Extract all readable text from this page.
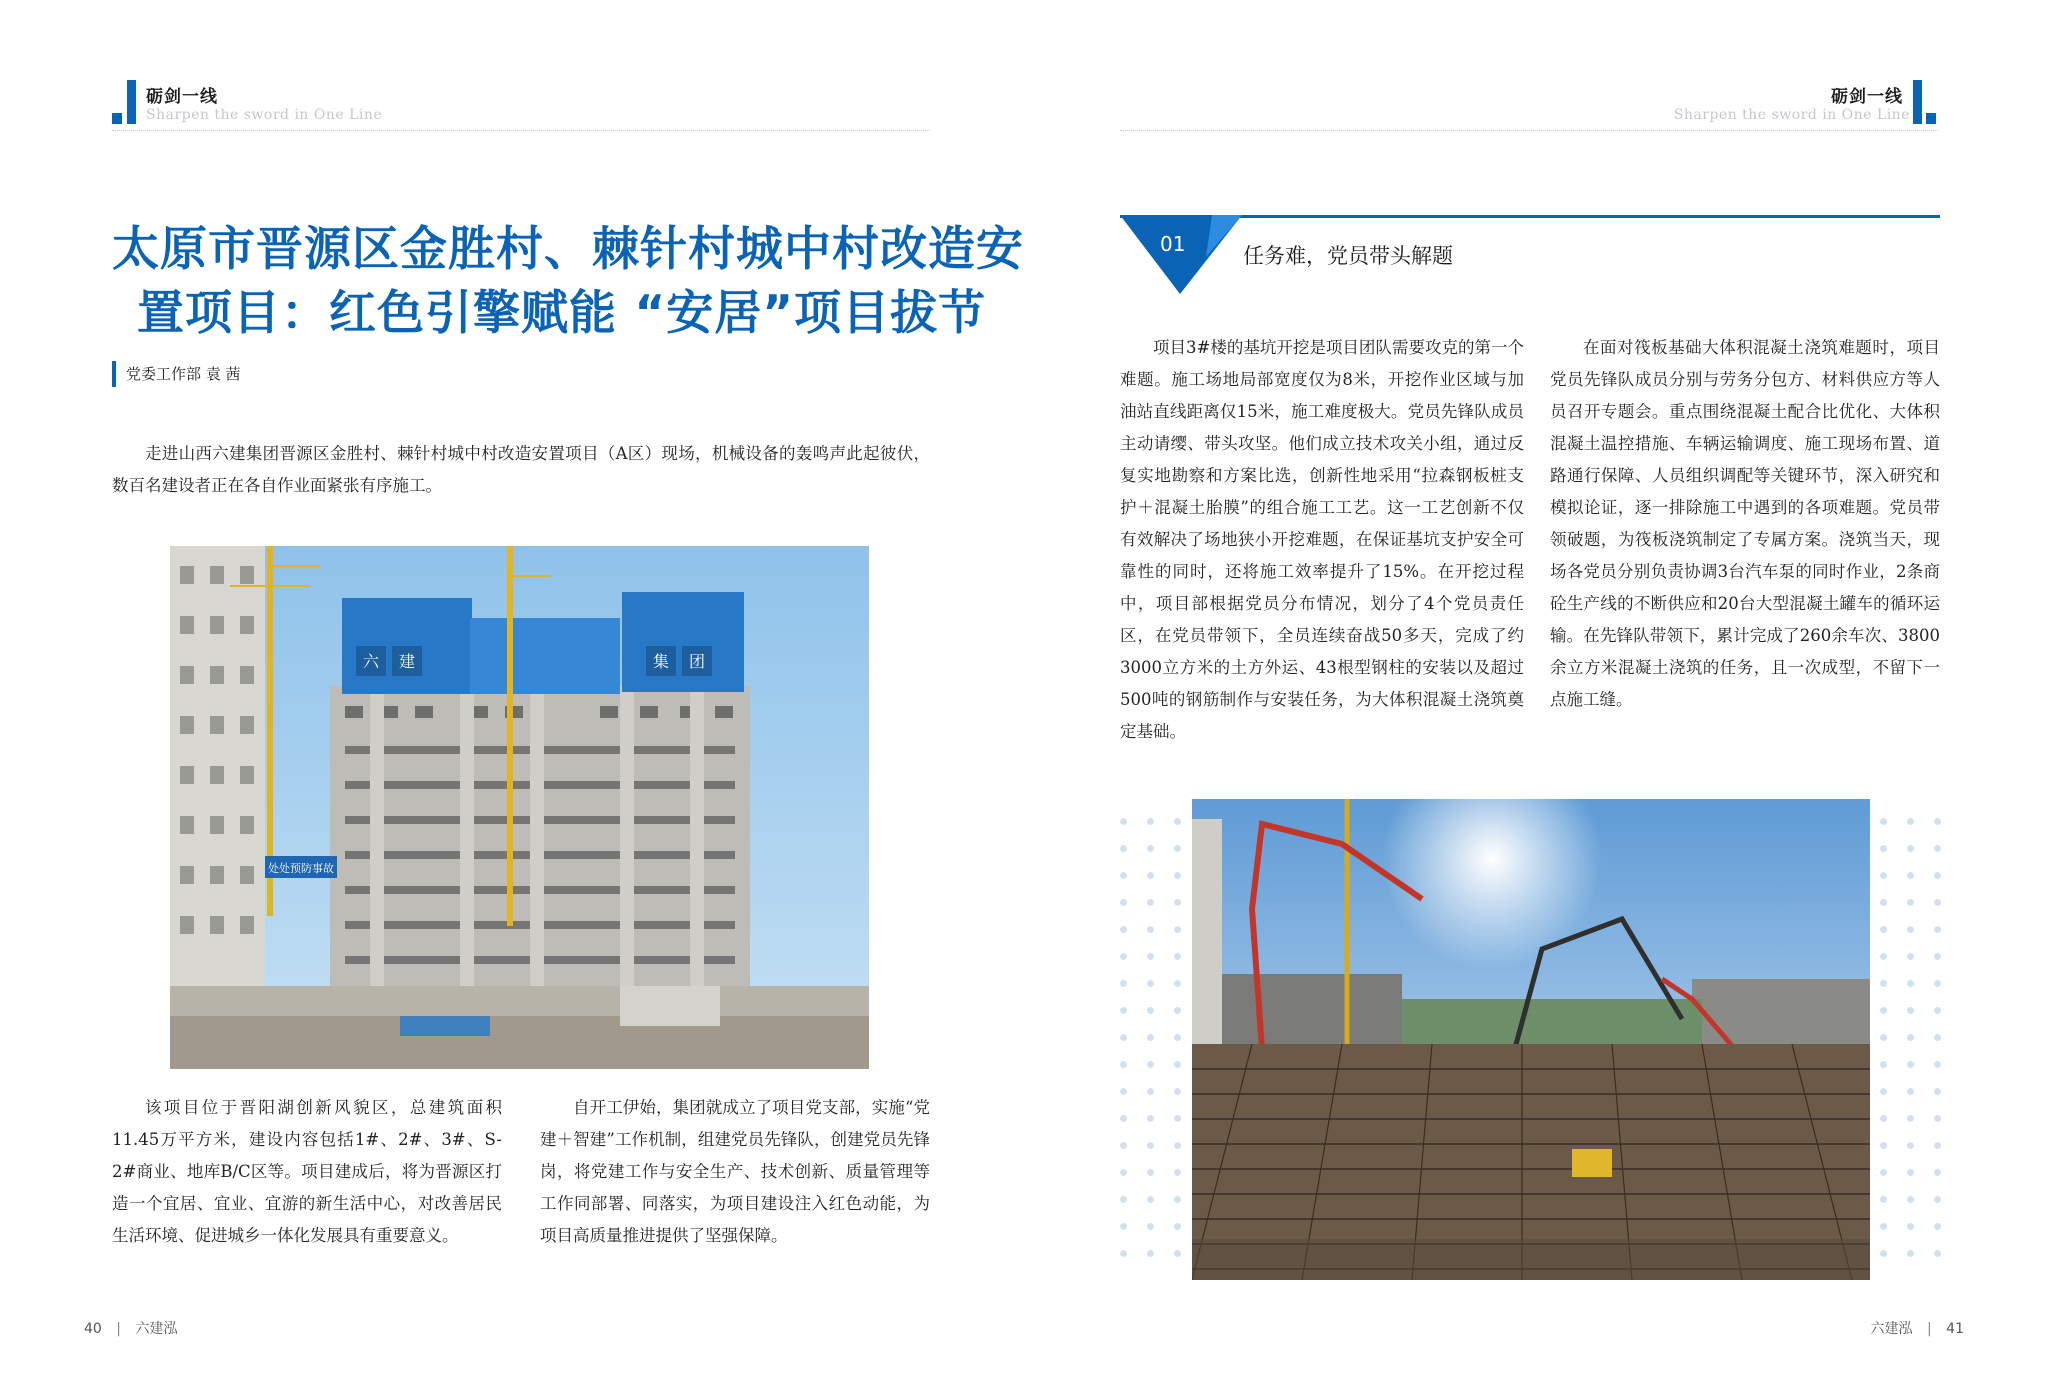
砺剑一线
Sharpen the sword in One Line
砺剑一线
Sharpen the sword in One Line
太原市晋源区金胜村、棘针村城中村改造安
置项目：红色引擎赋能 “安居”项目拔节
党委工作部 袁 茜

走进山西六建集团晋源区金胜村、棘针村城中村改造安置项目（A区）现场，机械设备的轰鸣声此起彼伏，数百名建设者正在各自作业面紧张有序施工。

六 建	集 团
处处预防事故

该项目位于晋阳湖创新风貌区，总建筑面积11.45万平方米，建设内容包括1#、2#、3#、S-2#商业、地库B/C区等。项目建成后，将为晋源区打造一个宜居、宜业、宜游的新生活中心，对改善居民生活环境、促进城乡一体化发展具有重要意义。

自开工伊始，集团就成立了项目党支部，实施“党建＋智建”工作机制，组建党员先锋队，创建党员先锋岗，将党建工作与安全生产、技术创新、质量管理等工作同部署、同落实，为项目建设注入红色动能，为项目高质量推进提供了坚强保障。

01	任务难，党员带头解题

项目3#楼的基坑开挖是项目团队需要攻克的第一个难题。施工场地局部宽度仅为8米，开挖作业区域与加油站直线距离仅15米，施工难度极大。党员先锋队成员主动请缨、带头攻坚。他们成立技术攻关小组，通过反复实地勘察和方案比选，创新性地采用“拉森钢板桩支护＋混凝土胎膜”的组合施工工艺。这一工艺创新不仅有效解决了场地狭小开挖难题，在保证基坑支护安全可靠性的同时，还将施工效率提升了15%。在开挖过程中，项目部根据党员分布情况，划分了4个党员责任区，在党员带领下，全员连续奋战50多天，完成了约3000立方米的土方外运、43根型钢柱的安装以及超过500吨的钢筋制作与安装任务，为大体积混凝土浇筑奠定基础。

在面对筏板基础大体积混凝土浇筑难题时，项目党员先锋队成员分别与劳务分包方、材料供应方等人员召开专题会。重点围绕混凝土配合比优化、大体积混凝土温控措施、车辆运输调度、施工现场布置、道路通行保障、人员组织调配等关键环节，深入研究和模拟论证，逐一排除施工中遇到的各项难题。党员带领破题，为筏板浇筑制定了专属方案。浇筑当天，现场各党员分别负责协调3台汽车泵的同时作业，2条商砼生产线的不断供应和20台大型混凝土罐车的循环运输。在先锋队带领下，累计完成了260余车次、3800余立方米混凝土浇筑的任务，且一次成型，不留下一点施工缝。

40 | 六建泓	六建泓 | 41
